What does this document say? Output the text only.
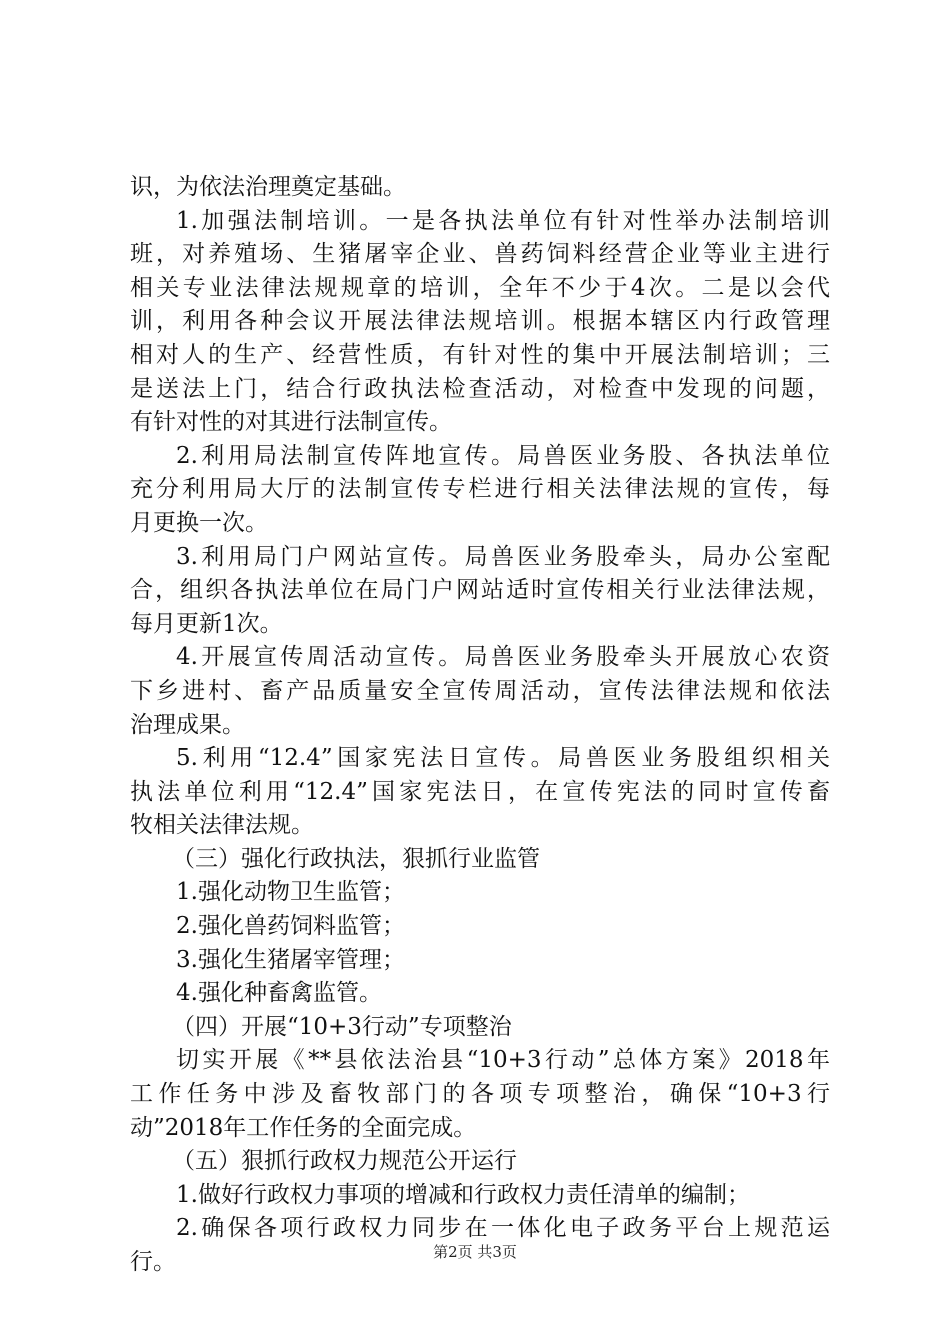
识，为依法治理奠定基础。
1.加强法制培训。一是各执法单位有针对性举办法制培训
班，对养殖场、生猪屠宰企业、兽药饲料经营企业等业主进行
相关专业法律法规规章的培训，全年不少于4次。二是以会代
训，利用各种会议开展法律法规培训。根据本辖区内行政管理
相对人的生产、经营性质，有针对性的集中开展法制培训；三
是送法上门，结合行政执法检查活动，对检查中发现的问题，
有针对性的对其进行法制宣传。
2.利用局法制宣传阵地宣传。局兽医业务股、各执法单位
充分利用局大厅的法制宣传专栏进行相关法律法规的宣传，每
月更换一次。
3.利用局门户网站宣传。局兽医业务股牵头，局办公室配
合，组织各执法单位在局门户网站适时宣传相关行业法律法规，
每月更新1次。
4.开展宣传周活动宣传。局兽医业务股牵头开展放心农资
下乡进村、畜产品质量安全宣传周活动，宣传法律法规和依法
治理成果。
5.利用“12.4”国家宪法日宣传。局兽医业务股组织相关
执法单位利用“12.4”国家宪法日，在宣传宪法的同时宣传畜
牧相关法律法规。
（三）强化行政执法，狠抓行业监管
1.强化动物卫生监管；
2.强化兽药饲料监管；
3.强化生猪屠宰管理；
4.强化种畜禽监管。
（四）开展“10+3行动”专项整治
切实开展《**县依法治县“10+3行动”总体方案》2018年
工作任务中涉及畜牧部门的各项专项整治，确保“10+3行
动”2018年工作任务的全面完成。
（五）狠抓行政权力规范公开运行
1.做好行政权力事项的增减和行政权力责任清单的编制；
2.确保各项行政权力同步在一体化电子政务平台上规范运
行。	第2页 共3页
